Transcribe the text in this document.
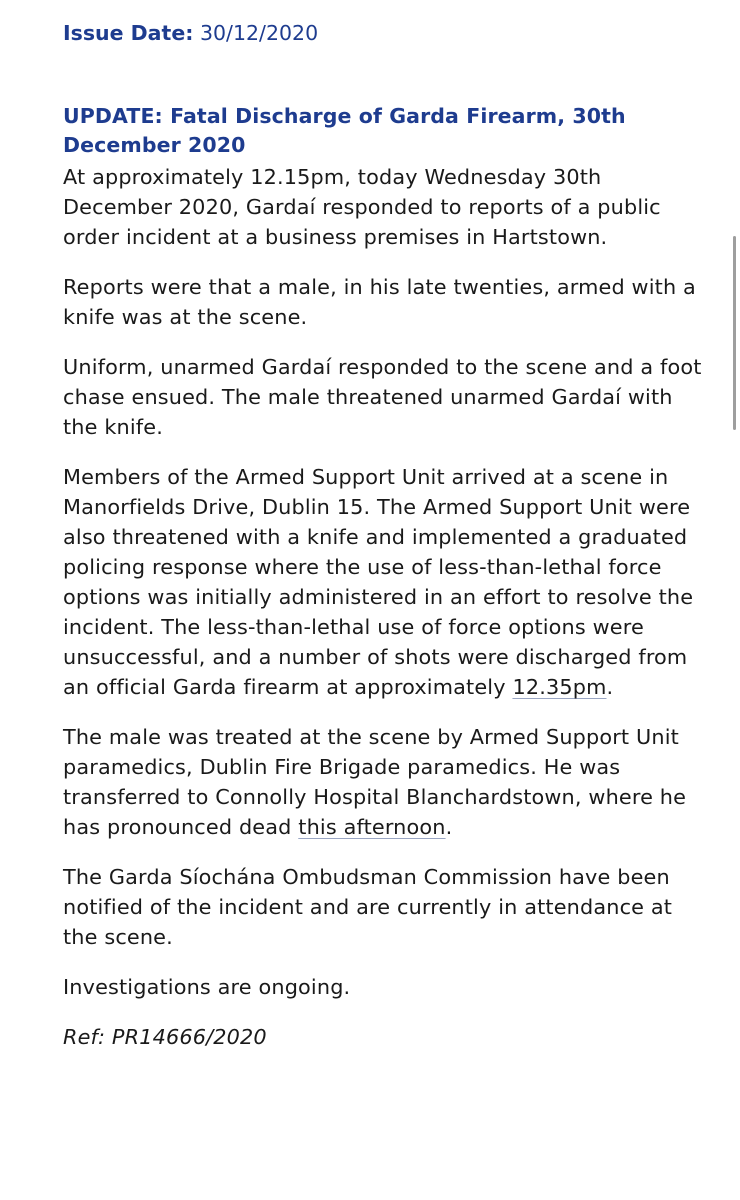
Issue Date: 30/12/2020

UPDATE: Fatal Discharge of Garda Firearm, 30th December 2020

At approximately 12.15pm, today Wednesday 30th December 2020, Gardaí responded to reports of a public order incident at a business premises in Hartstown.

Reports were that a male, in his late twenties, armed with a knife was at the scene.

Uniform, unarmed Gardaí responded to the scene and a foot chase ensued. The male threatened unarmed Gardaí with the knife.

Members of the Armed Support Unit arrived at a scene in Manorfields Drive, Dublin 15. The Armed Support Unit were also threatened with a knife and implemented a graduated policing response where the use of less-than-lethal force options was initially administered in an effort to resolve the incident. The less-than-lethal use of force options were unsuccessful, and a number of shots were discharged from an official Garda firearm at approximately 12.35pm.

The male was treated at the scene by Armed Support Unit paramedics, Dublin Fire Brigade paramedics. He was transferred to Connolly Hospital Blanchardstown, where he has pronounced dead this afternoon.

The Garda Síochána Ombudsman Commission have been notified of the incident and are currently in attendance at the scene.

Investigations are ongoing.

Ref: PR14666/2020
